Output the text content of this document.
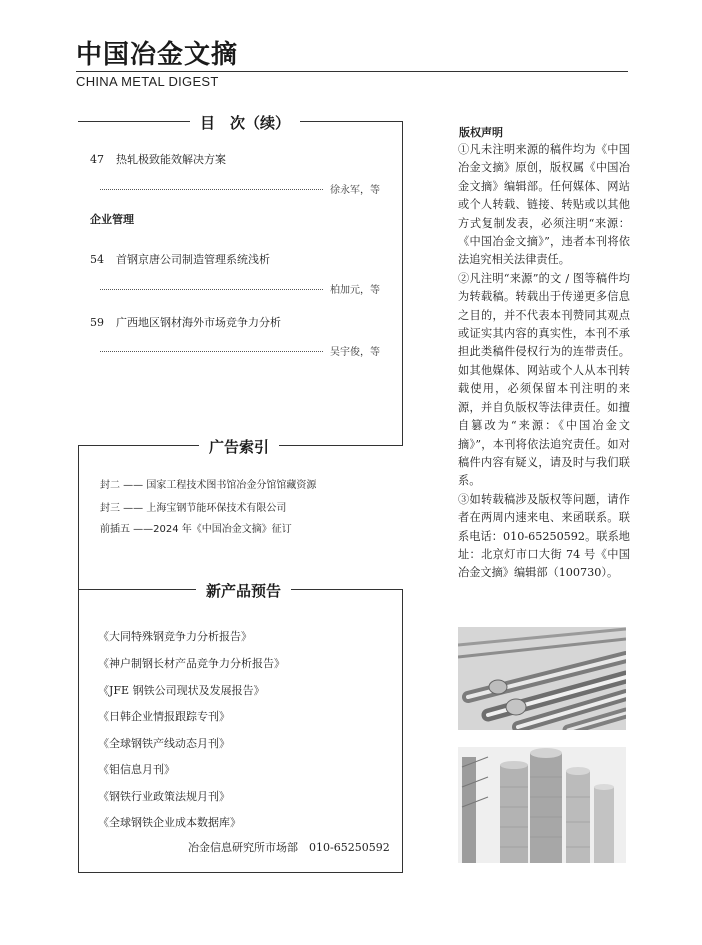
中国冶金文摘
CHINA METAL DIGEST
目　次（续）
47 热轧极致能效解决方案
徐永军，等
企业管理
54 首钢京唐公司制造管理系统浅析
柏加元，等
59 广西地区钢材海外市场竞争力分析
吴宇俊，等
广告索引
封二 —— 国家工程技术图书馆冶金分馆馆藏资源
封三 —— 上海宝钢节能环保技术有限公司
前插五 ——2024 年《中国冶金文摘》征订
新产品预告
《大同特殊钢竞争力分析报告》
《神户制钢长材产品竞争力分析报告》
《JFE 钢铁公司现状及发展报告》
《日韩企业情报跟踪专刊》
《全球钢铁产线动态月刊》
《钼信息月刊》
《钢铁行业政策法规月刊》
《全球钢铁企业成本数据库》
冶金信息研究所市场部　010-65250592
版权声明

①凡未注明来源的稿件均为《中国冶金文摘》原创，版权属《中国冶金文摘》编辑部。任何媒体、网站或个人转载、链接、转贴或以其他方式复制发表，必须注明“来源：《中国冶金文摘》”，违者本刊将依法追究相关法律责任。

②凡注明“来源”的文 / 图等稿件均为转载稿。转载出于传递更多信息之目的，并不代表本刊赞同其观点或证实其内容的真实性，本刊不承担此类稿件侵权行为的连带责任。如其他媒体、网站或个人从本刊转载使用，必须保留本刊注明的来源，并自负版权等法律责任。如擅自篡改为“来源：《中国冶金文摘》”，本刊将依法追究责任。如对稿件内容有疑义，请及时与我们联系。

③如转载稿涉及版权等问题，请作者在两周内速来电、来函联系。联系电话：010-65250592。联系地址：北京灯市口大街 74 号《中国冶金文摘》编辑部（100730）。
